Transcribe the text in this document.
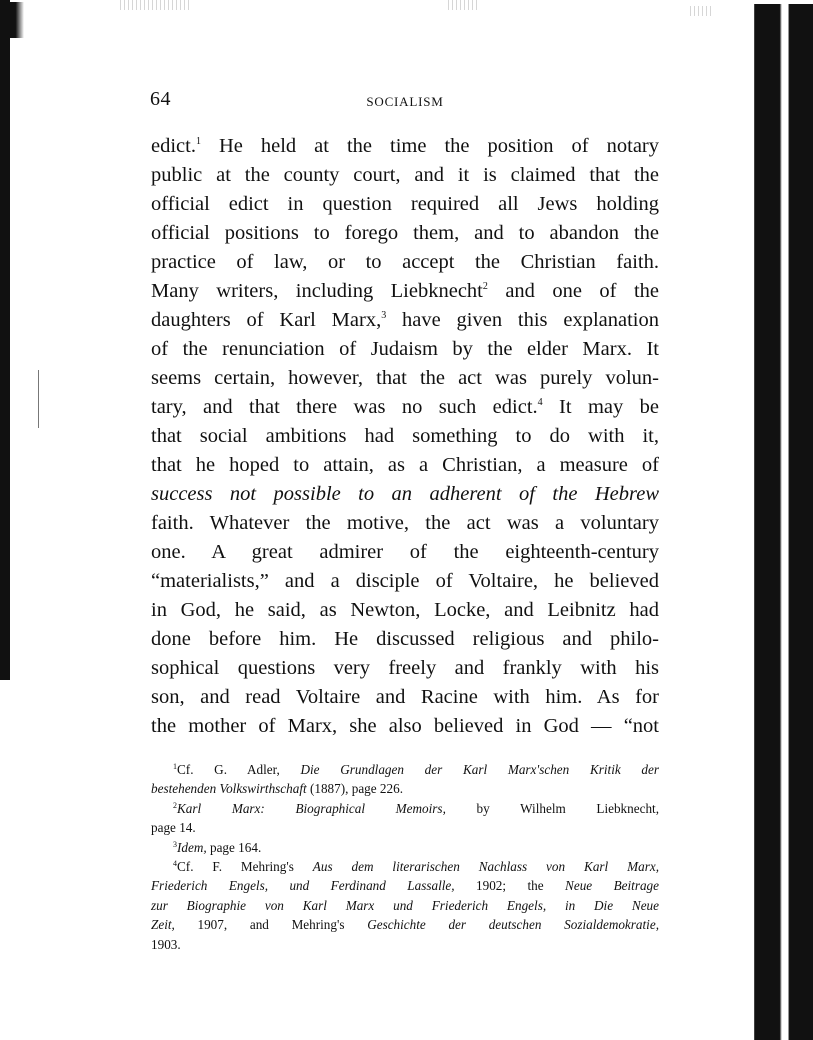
64	SOCIALISM
edict.$^1$ He held at the time the position of notary
public at the county court, and it is claimed that the
official edict in question required all Jews holding
official positions to forego them, and to abandon the
practice of law, or to accept the Christian faith.
Many writers, including Liebknecht$^2$ and one of the
daughters of Karl Marx,$^3$ have given this explanation
of the renunciation of Judaism by the elder Marx. It
seems certain, however, that the act was purely volun-
tary, and that there was no such edict.$^4$ It may be
that social ambitions had something to do with it,
that he hoped to attain, as a Christian, a measure of
success not possible to an adherent of the Hebrew
faith. Whatever the motive, the act was a voluntary
one. A great admirer of the eighteenth-century
“materialists,” and a disciple of Voltaire, he believed
in God, he said, as Newton, Locke, and Leibnitz had
done before him. He discussed religious and philo-
sophical questions very freely and frankly with his
son, and read Voltaire and Racine with him. As for
the mother of Marx, she also believed in God — “not

$^1$Cf. G. Adler, Die Grundlagen der Karl Marx'schen Kritik der
bestehenden Volkswirthschaft (1887), page 226.

$^2$Karl Marx: Biographical Memoirs, by Wilhelm Liebknecht,
page 14.

$^3$Idem, page 164.

$^4$Cf. F. Mehring's Aus dem literarischen Nachlass von Karl Marx,
Friederich Engels, und Ferdinand Lassalle, 1902; the Neue Beitrage
zur Biographie von Karl Marx und Friederich Engels, in Die Neue
Zeit, 1907, and Mehring's Geschichte der deutschen Sozialdemokratie,
1903.
